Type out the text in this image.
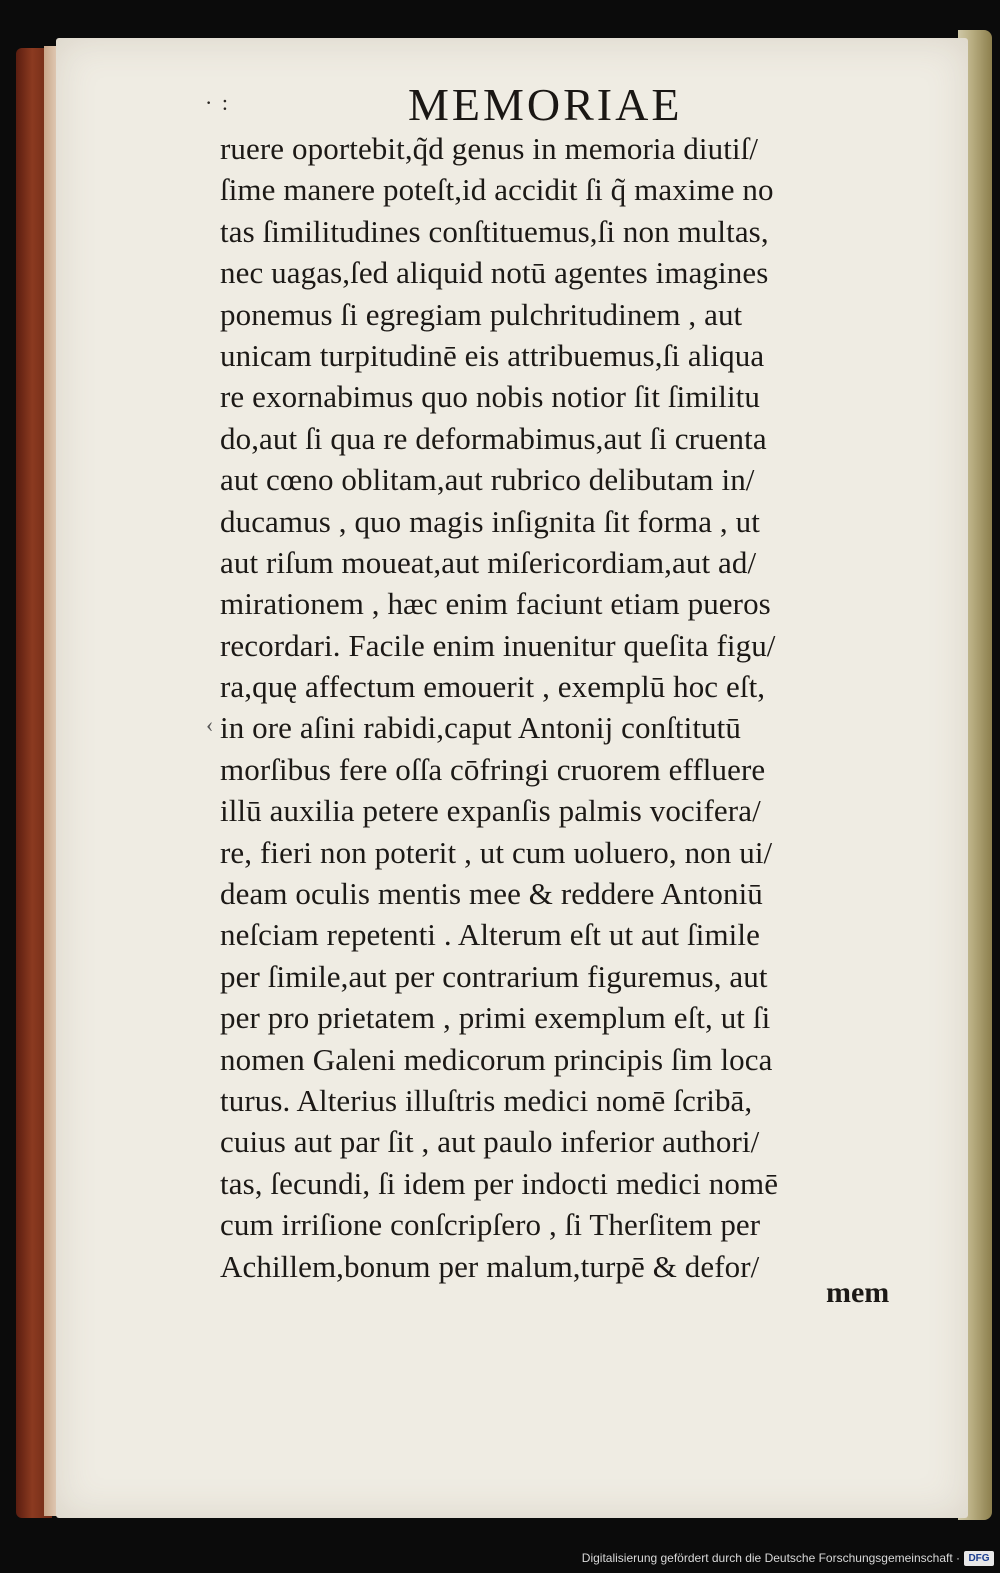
· :	MEMORIAE
ruere oportebit,q̃d genus in memoria diutiſ/
ſime manere poteſt,id accidit ſi q̃ maxime no
tas ſimilitudines conſtituemus,ſi non multas,
nec uagas,ſed aliquid notū agentes imagines
ponemus ſi egregiam pulchritudinem , aut
unicam turpitudinē eis attribuemus,ſi aliqua
re exornabimus quo nobis notior ſit ſimilitu
do,aut ſi qua re deformabimus,aut ſi cruenta
aut cœno oblitam,aut rubrico delibutam in/
ducamus , quo magis inſignita ſit forma , ut
aut riſum moueat,aut miſericordiam,aut ad/
mirationem , hæc enim faciunt etiam pueros
recordari. Facile enim inuenitur queſita figu/
ra,quę affectum emouerit , exemplū hoc eſt,
in ore aſini rabidi,caput Antonij conſtitutū
morſibus fere oſſa cōfringi cruorem effluere
illū auxilia petere expanſis palmis vocifera/
re, fieri non poterit , ut cum uoluero, non ui/
deam oculis mentis mee & reddere Antoniū
neſciam repetenti . Alterum eſt ut aut ſimile
per ſimile,aut per contrarium figuremus, aut
per pro prietatem , primi exemplum eſt, ut ſi
nomen Galeni medicorum principis ſim loca
turus. Alterius illuſtris medici nomē ſcribā,
cuius aut par ſit , aut paulo inferior authori/
tas, ſecundi, ſi idem per indocti medici nomē
cum irriſione conſcripſero , ſi Therſitem per
Achillem,bonum per malum,turpē & defor/
‹
mem
Digitalisierung gefördert durch die Deutsche Forschungsgemeinschaft · DFG
